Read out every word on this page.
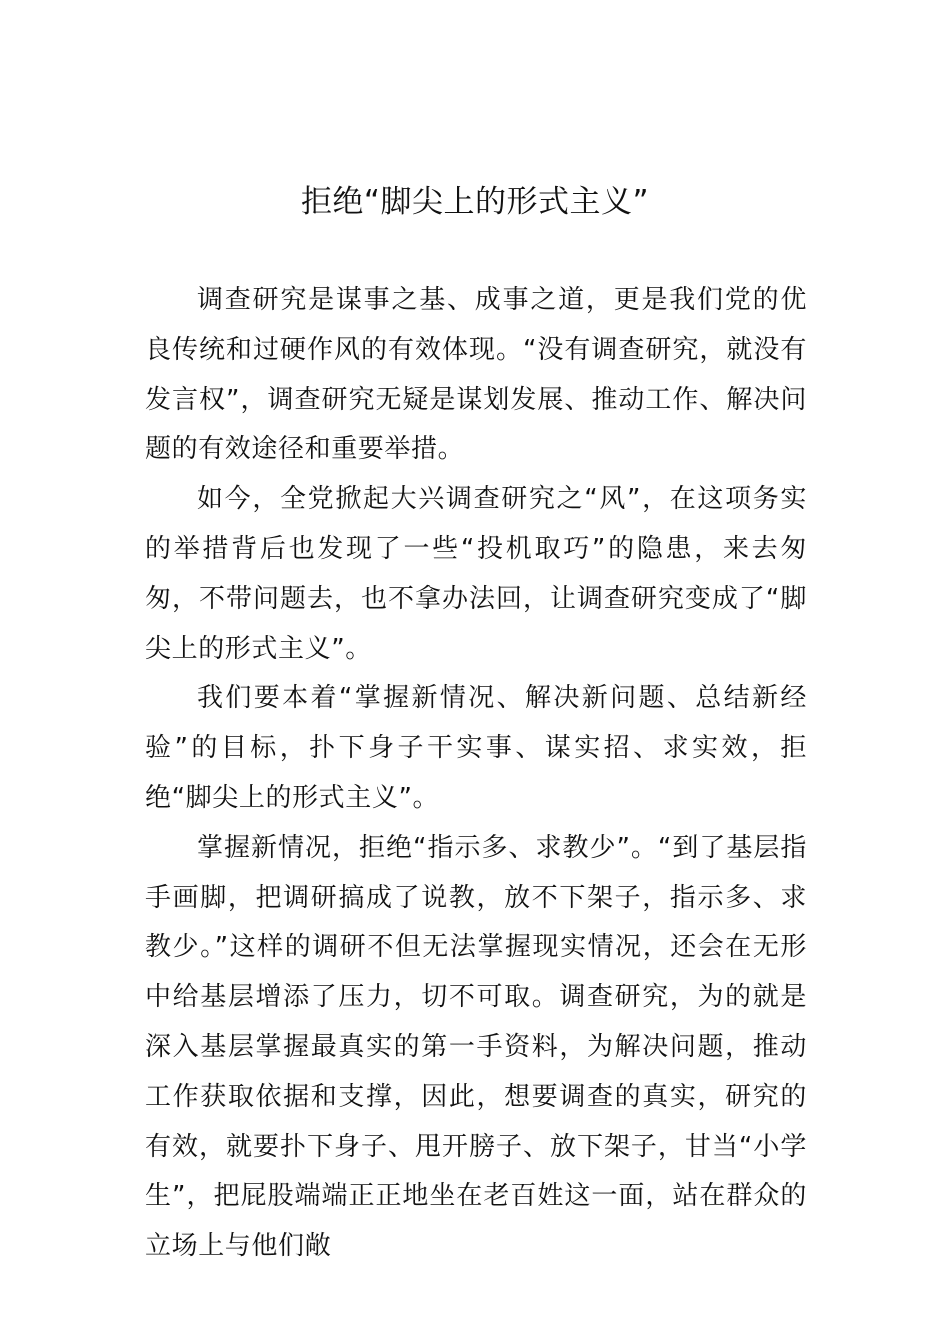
拒绝“脚尖上的形式主义”

调查研究是谋事之基、成事之道，更是我们党的优良传统和过硬作风的有效体现。“没有调查研究，就没有发言权”，调查研究无疑是谋划发展、推动工作、解决问题的有效途径和重要举措。

如今，全党掀起大兴调查研究之“风”，在这项务实的举措背后也发现了一些“投机取巧”的隐患，来去匆匆，不带问题去，也不拿办法回，让调查研究变成了“脚尖上的形式主义”。

我们要本着“掌握新情况、解决新问题、总结新经验”的目标，扑下身子干实事、谋实招、求实效，拒绝“脚尖上的形式主义”。

掌握新情况，拒绝“指示多、求教少”。“到了基层指手画脚，把调研搞成了说教，放不下架子，指示多、求教少。”这样的调研不但无法掌握现实情况，还会在无形中给基层增添了压力，切不可取。调查研究，为的就是深入基层掌握最真实的第一手资料，为解决问题，推动工作获取依据和支撑，因此，想要调查的真实，研究的有效，就要扑下身子、甩开膀子、放下架子，甘当“小学生”，把屁股端端正正地坐在老百姓这一面，站在群众的立场上与他们敞
